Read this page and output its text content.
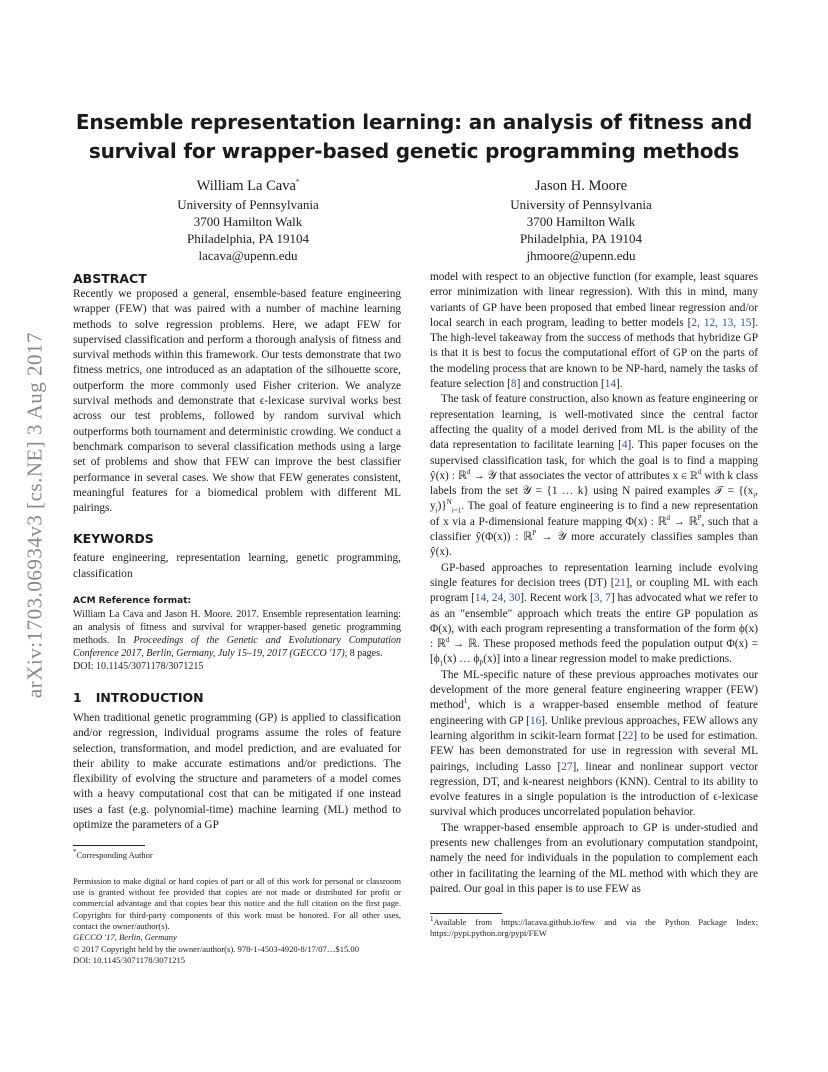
arXiv:1703.06934v3 [cs.NE] 3 Aug 2017
Ensemble representation learning: an analysis of fitness and survival for wrapper-based genetic programming methods
William La Cava*
University of Pennsylvania
3700 Hamilton Walk
Philadelphia, PA 19104
lacava@upenn.edu
Jason H. Moore
University of Pennsylvania
3700 Hamilton Walk
Philadelphia, PA 19104
jhmoore@upenn.edu
ABSTRACT

Recently we proposed a general, ensemble-based feature engineering wrapper (FEW) that was paired with a number of machine learning methods to solve regression problems. Here, we adapt FEW for supervised classification and perform a thorough analysis of fitness and survival methods within this framework. Our tests demonstrate that two fitness metrics, one introduced as an adaptation of the silhouette score, outperform the more commonly used Fisher criterion. We analyze survival methods and demonstrate that ϵ-lexicase survival works best across our test problems, followed by random survival which outperforms both tournament and deterministic crowding. We conduct a benchmark comparison to several classification methods using a large set of problems and show that FEW can improve the best classifier performance in several cases. We show that FEW generates consistent, meaningful features for a biomedical problem with different ML pairings.

KEYWORDS

feature engineering, representation learning, genetic programming, classification

ACM Reference format:

William La Cava and Jason H. Moore. 2017. Ensemble representation learning: an analysis of fitness and survival for wrapper-based genetic programming methods. In Proceedings of the Genetic and Evolutionary Computation Conference 2017, Berlin, Germany, July 15–19, 2017 (GECCO '17), 8 pages.

DOI: 10.1145/3071178/3071215

1 INTRODUCTION

When traditional genetic programming (GP) is applied to classification and/or regression, individual programs assume the roles of feature selection, transformation, and model prediction, and are evaluated for their ability to make accurate estimations and/or predictions. The flexibility of evolving the structure and parameters of a model comes with a heavy computational cost that can be mitigated if one instead uses a fast (e.g. polynomial-time) machine learning (ML) method to optimize the parameters of a GP

*Corresponding Author

Permission to make digital or hard copies of part or all of this work for personal or classroom use is granted without fee provided that copies are not made or distributed for profit or commercial advantage and that copies bear this notice and the full citation on the first page. Copyrights for third-party components of this work must be honored. For all other uses, contact the owner/author(s).

GECCO '17, Berlin, Germany

© 2017 Copyright held by the owner/author(s). 978-1-4503-4920-8/17/07…$15.00

DOI: 10.1145/3071178/3071215

model with respect to an objective function (for example, least squares error minimization with linear regression). With this in mind, many variants of GP have been proposed that embed linear regression and/or local search in each program, leading to better models [2, 12, 13, 15]. The high-level takeaway from the success of methods that hybridize GP is that it is best to focus the computational effort of GP on the parts of the modeling process that are known to be NP-hard, namely the tasks of feature selection [8] and construction [14].

The task of feature construction, also known as feature engineering or representation learning, is well-motivated since the central factor affecting the quality of a model derived from ML is the ability of the data representation to facilitate learning [4]. This paper focuses on the supervised classification task, for which the goal is to find a mapping ŷ(x) : ℝ$^d$ → 𝒴 that associates the vector of attributes x ∈ ℝ$^d$ with k class labels from the set 𝒴 = {1 … k} using N paired examples 𝒯 = {($x_i$, $y_i)\}^N_{i=1}$. The goal of feature engineering is to find a new representation of x via a P-dimensional feature mapping Φ(x) : ℝ$^d$ → ℝ$^P$, such that a classifier ŷ(Φ(x)) : ℝ$^P$ → 𝒴 more accurately classifies samples than ŷ(x).

GP-based approaches to representation learning include evolving single features for decision trees (DT) [21], or coupling ML with each program [14, 24, 30]. Recent work [3, 7] has advocated what we refer to as an "ensemble" approach which treats the entire GP population as Φ(x), with each program representing a transformation of the form ϕ(x) : ℝ$^d$ → ℝ. These proposed methods feed the population output $\Phi(x) = [\phi_1(x)$ … $\phi_P(x)$] into a linear regression model to make predictions.

The ML-specific nature of these previous approaches motivates our development of the more general feature engineering wrapper (FEW) method$^1$, which is a wrapper-based ensemble method of feature engineering with GP [16]. Unlike previous approaches, FEW allows any learning algorithm in scikit-learn format [22] to be used for estimation. FEW has been demonstrated for use in regression with several ML pairings, including Lasso [27], linear and nonlinear support vector regression, DT, and k-nearest neighbors (KNN). Central to its ability to evolve features in a single population is the introduction of ϵ-lexicase survival which produces uncorrelated population behavior.

The wrapper-based ensemble approach to GP is under-studied and presents new challenges from an evolutionary computation standpoint, namely the need for individuals in the population to complement each other in facilitating the learning of the ML method with which they are paired. Our goal in this paper is to use FEW as

$^1$Available from https://lacava.github.io/few and via the Python Package Index: https://pypi.python.org/pypi/FEW
